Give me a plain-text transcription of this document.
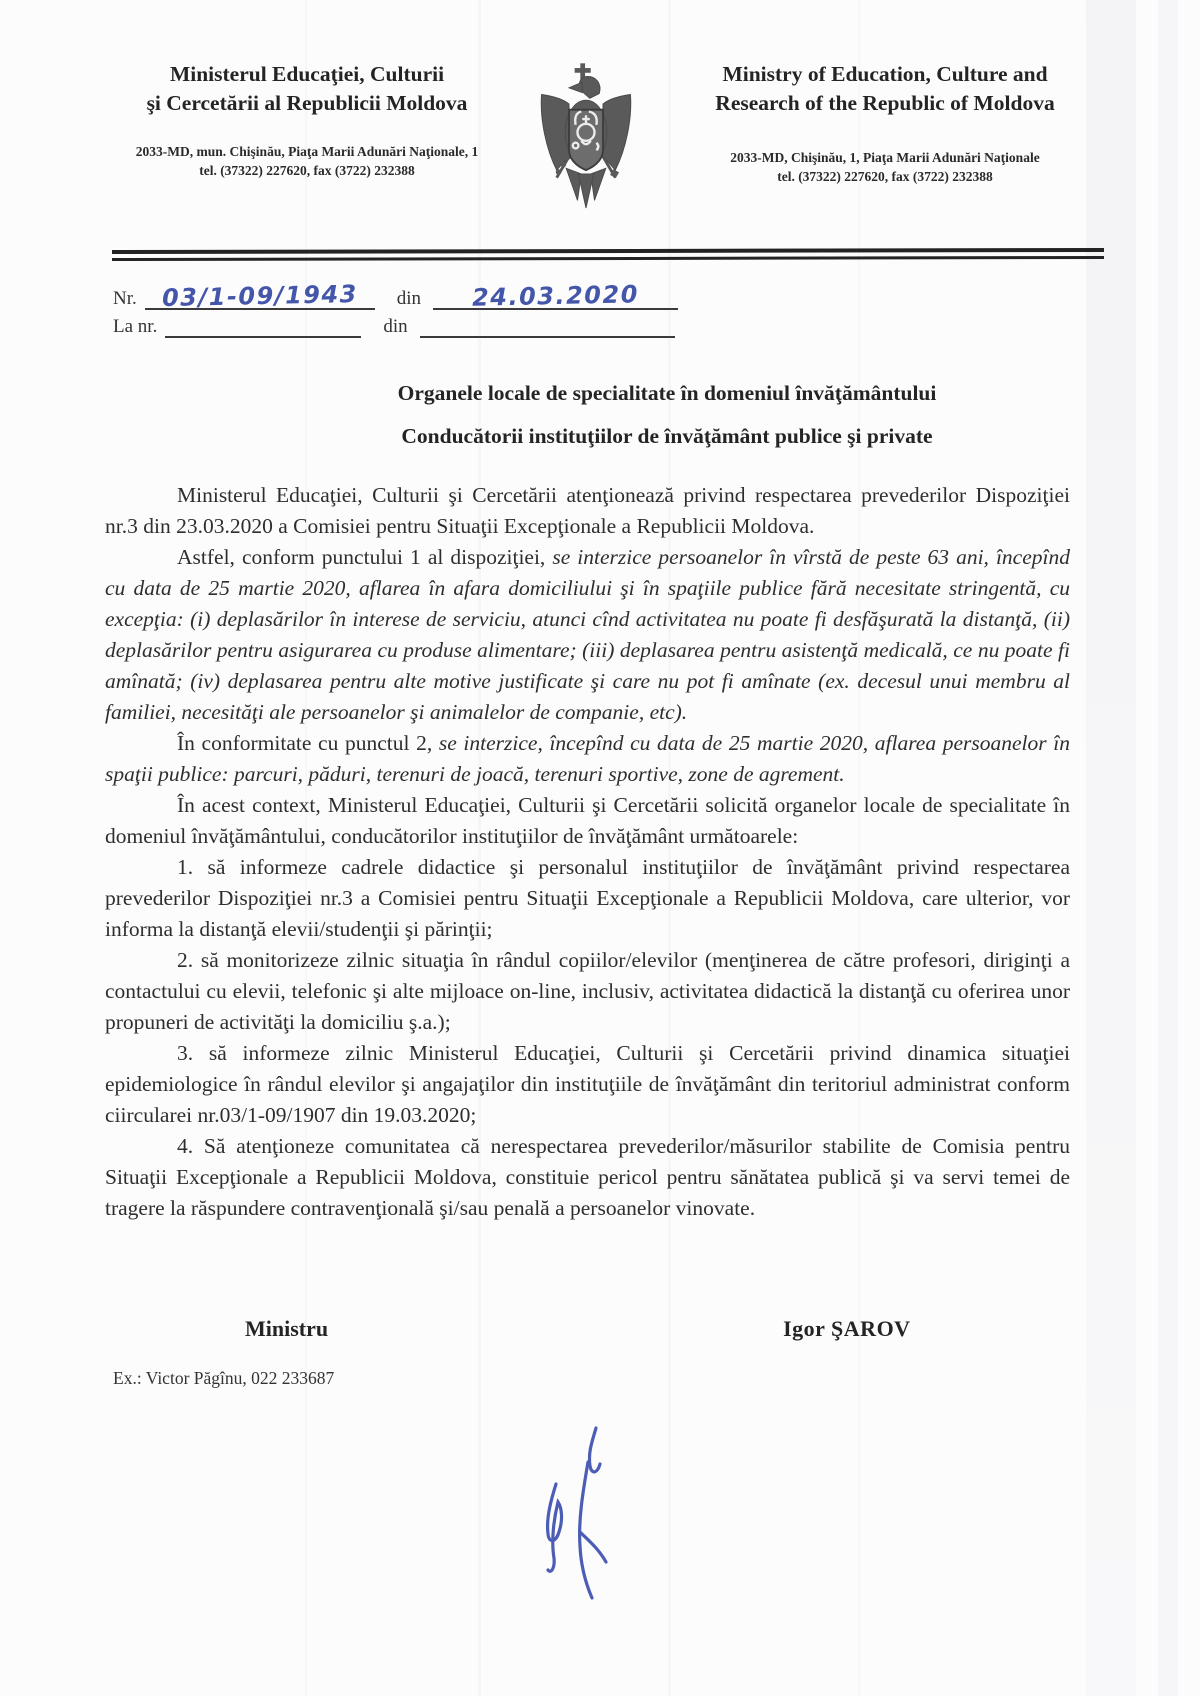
Ministerul Educaţiei, Culturii
şi Cercetării al Republicii Moldova
2033-MD, mun. Chişinău, Piaţa Marii Adunări Naţionale, 1
tel. (37322) 227620, fax (3722) 232388
Ministry of Education, Culture and
Research of the Republic of Moldova
2033-MD, Chişinău, 1, Piaţa Marii Adunări Naţionale
tel. (37322) 227620, fax (3722) 232388
Nr.	03/1-09/1943	din	24.03.2020
La nr.	din
Organele locale de specialitate în domeniul învăţământului
Conducătorii instituţiilor de învăţământ publice şi private

Ministerul Educaţiei, Culturii şi Cercetării atenţionează privind respectarea prevederilor Dispoziţiei nr.3 din 23.03.2020 a Comisiei pentru Situaţii Excepţionale a Republicii Moldova.

Astfel, conform punctului 1 al dispoziţiei, se interzice persoanelor în vîrstă de peste 63 ani, începînd cu data de 25 martie 2020, aflarea în afara domiciliului şi în spaţiile publice fără necesitate stringentă, cu excepţia: (i) deplasărilor în interese de serviciu, atunci cînd activitatea nu poate fi desfăşurată la distanţă, (ii) deplasărilor pentru asigurarea cu produse alimentare; (iii) deplasarea pentru asistenţă medicală, ce nu poate fi amînată; (iv) deplasarea pentru alte motive justificate şi care nu pot fi amînate (ex. decesul unui membru al familiei, necesităţi ale persoanelor şi animalelor de companie, etc).

În conformitate cu punctul 2, se interzice, începînd cu data de 25 martie 2020, aflarea persoanelor în spaţii publice: parcuri, păduri, terenuri de joacă, terenuri sportive, zone de agrement.

În acest context, Ministerul Educaţiei, Culturii şi Cercetării solicită organelor locale de specialitate în domeniul învăţământului, conducătorilor instituţiilor de învăţământ următoarele:

1. să informeze cadrele didactice şi personalul instituţiilor de învăţământ privind respectarea prevederilor Dispoziţiei nr.3 a Comisiei pentru Situaţii Excepţionale a Republicii Moldova, care ulterior, vor informa la distanţă elevii/studenţii şi părinţii;

2. să monitorizeze zilnic situaţia în rândul copiilor/elevilor (menţinerea de către profesori, diriginţi a contactului cu elevii, telefonic şi alte mijloace on-line, inclusiv, activitatea didactică la distanţă cu oferirea unor propuneri de activităţi la domiciliu ş.a.);

3. să informeze zilnic Ministerul Educaţiei, Culturii şi Cercetării privind dinamica situaţiei epidemiologice în rândul elevilor şi angajaţilor din instituţiile de învăţământ din teritoriul administrat conform ciircularei nr.03/1-09/1907 din 19.03.2020;

4. Să atenţioneze comunitatea că nerespectarea prevederilor/măsurilor stabilite de Comisia pentru Situaţii Excepţionale a Republicii Moldova, constituie pericol pentru sănătatea publică şi va servi temei de tragere la răspundere contravenţională şi/sau penală a persoanelor vinovate.

Ministru	Igor ŞAROV
Ex.: Victor Păgînu, 022 233687
